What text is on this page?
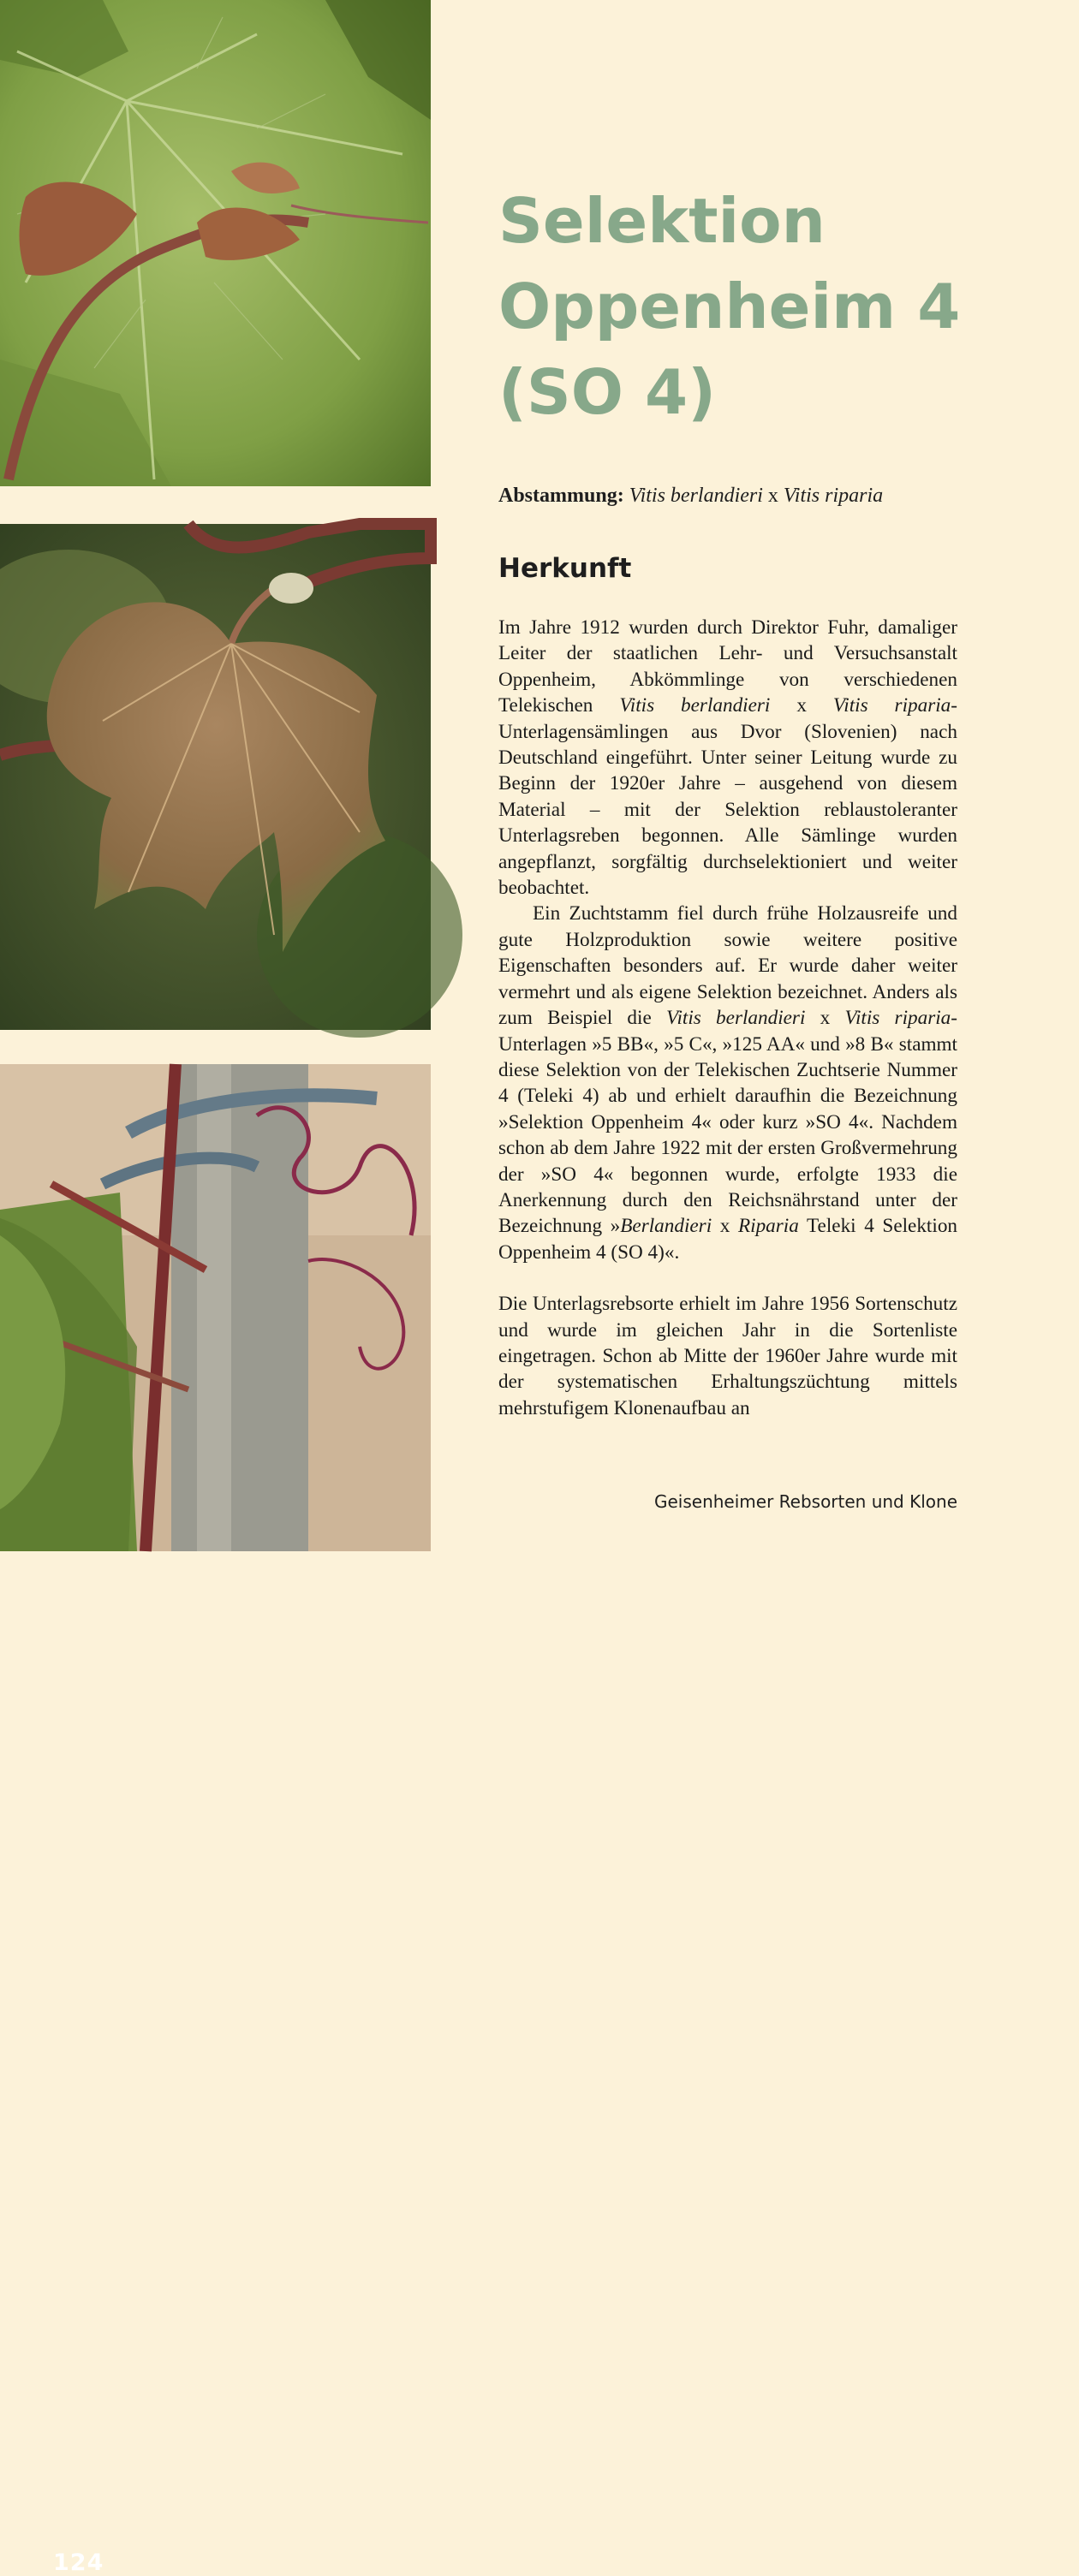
124
Selektion
Oppenheim 4
(SO 4)
Abstammung: Vitis berlandieri x Vitis riparia
Herkunft

Im Jahre 1912 wurden durch Direktor Fuhr, damaliger Leiter der staatlichen Lehr- und Versuchsanstalt Oppenheim, Abkömmlinge von verschiedenen Telekischen Vitis berlandieri x Vitis riparia-Unterlagensämlingen aus Dvor (Slovenien) nach Deutschland eingeführt. Unter seiner Leitung wurde zu Beginn der 1920er Jahre – ausgehend von diesem Material – mit der Selektion reblaustoleranter Unterlagsreben begonnen. Alle Sämlinge wurden angepflanzt, sorgfältig durchselektioniert und weiter beobachtet.

Ein Zuchtstamm fiel durch frühe Holzausreife und gute Holzproduktion sowie weitere positive Eigenschaften besonders auf. Er wurde daher weiter vermehrt und als eigene Selektion bezeichnet. Anders als zum Beispiel die Vitis berlandieri x Vitis riparia-Unterlagen »5 BB«, »5 C«, »125 AA« und »8 B« stammt diese Selektion von der Telekischen Zuchtserie Nummer 4 (Teleki 4) ab und erhielt daraufhin die Bezeichnung »Selektion Oppenheim 4« oder kurz »SO 4«. Nachdem schon ab dem Jahre 1922 mit der ersten Großvermehrung der »SO 4« begonnen wurde, erfolgte 1933 die Anerkennung durch den Reichsnährstand unter der Bezeichnung »Berlandieri x Riparia Teleki 4 Selektion Oppenheim 4 (SO 4)«.

Die Unterlagsrebsorte erhielt im Jahre 1956 Sortenschutz und wurde im gleichen Jahr in die Sortenliste eingetragen. Schon ab Mitte der 1960er Jahre wurde mit der systematischen Erhaltungszüchtung mittels mehrstufigem Klonenaufbau an

Geisenheimer Rebsorten und Klone
